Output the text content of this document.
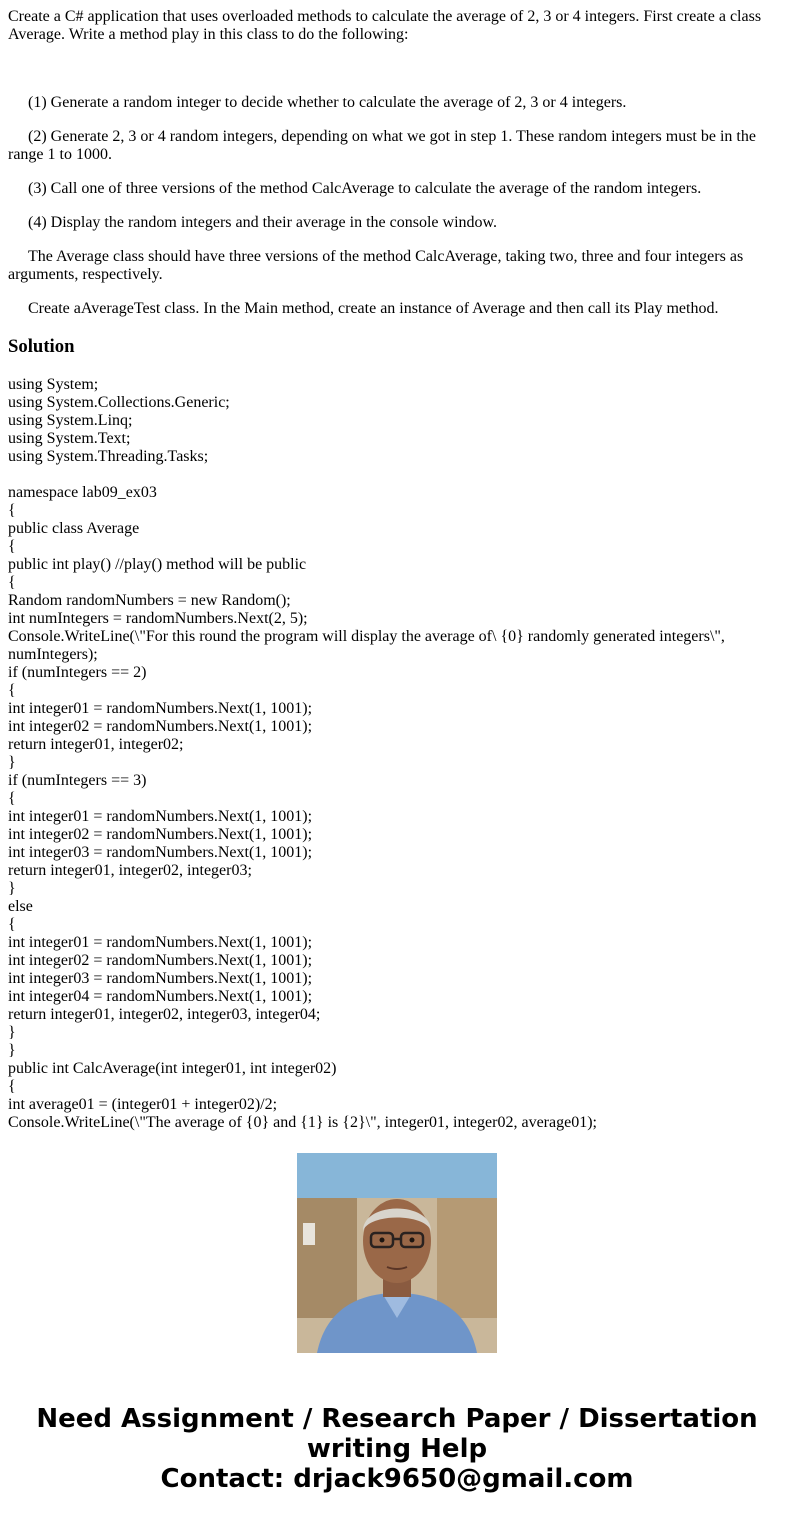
Create a C# application that uses overloaded methods to calculate the average of 2, 3 or 4 integers. First create a class Average. Write a method play in this class to do the following:

(1) Generate a random integer to decide whether to calculate the average of 2, 3 or 4 integers.

(2) Generate 2, 3 or 4 random integers, depending on what we got in step 1. These random integers must be in the range 1 to 1000.

(3) Call one of three versions of the method CalcAverage to calculate the average of the random integers.

(4) Display the random integers and their average in the console window.

The Average class should have three versions of the method CalcAverage, taking two, three and four integers as arguments, respectively.

Create aAverageTest class. In the Main method, create an instance of Average and then call its Play method.

Solution
using System;
using System.Collections.Generic;
using System.Linq;
using System.Text;
using System.Threading.Tasks;
namespace lab09_ex03
{
public class Average
{
public int play() //play() method will be public
{
Random randomNumbers = new Random();
int numIntegers = randomNumbers.Next(2, 5);
Console.WriteLine(\"For this round the program will display the average of\ {0} randomly generated integers\", numIntegers);
if (numIntegers == 2)
{
int integer01 = randomNumbers.Next(1, 1001);
int integer02 = randomNumbers.Next(1, 1001);
return integer01, integer02;
}
if (numIntegers == 3)
{
int integer01 = randomNumbers.Next(1, 1001);
int integer02 = randomNumbers.Next(1, 1001);
int integer03 = randomNumbers.Next(1, 1001);
return integer01, integer02, integer03;
}
else
{
int integer01 = randomNumbers.Next(1, 1001);
int integer02 = randomNumbers.Next(1, 1001);
int integer03 = randomNumbers.Next(1, 1001);
int integer04 = randomNumbers.Next(1, 1001);
return integer01, integer02, integer03, integer04;
}
}
public int CalcAverage(int integer01, int integer02)
{
int average01 = (integer01 + integer02)/2;
Console.WriteLine(\"The average of {0} and {1} is {2}\", integer01, integer02, average01);
Need Assignment / Research Paper / Dissertation
writing Help
Contact: drjack9650@gmail.com
